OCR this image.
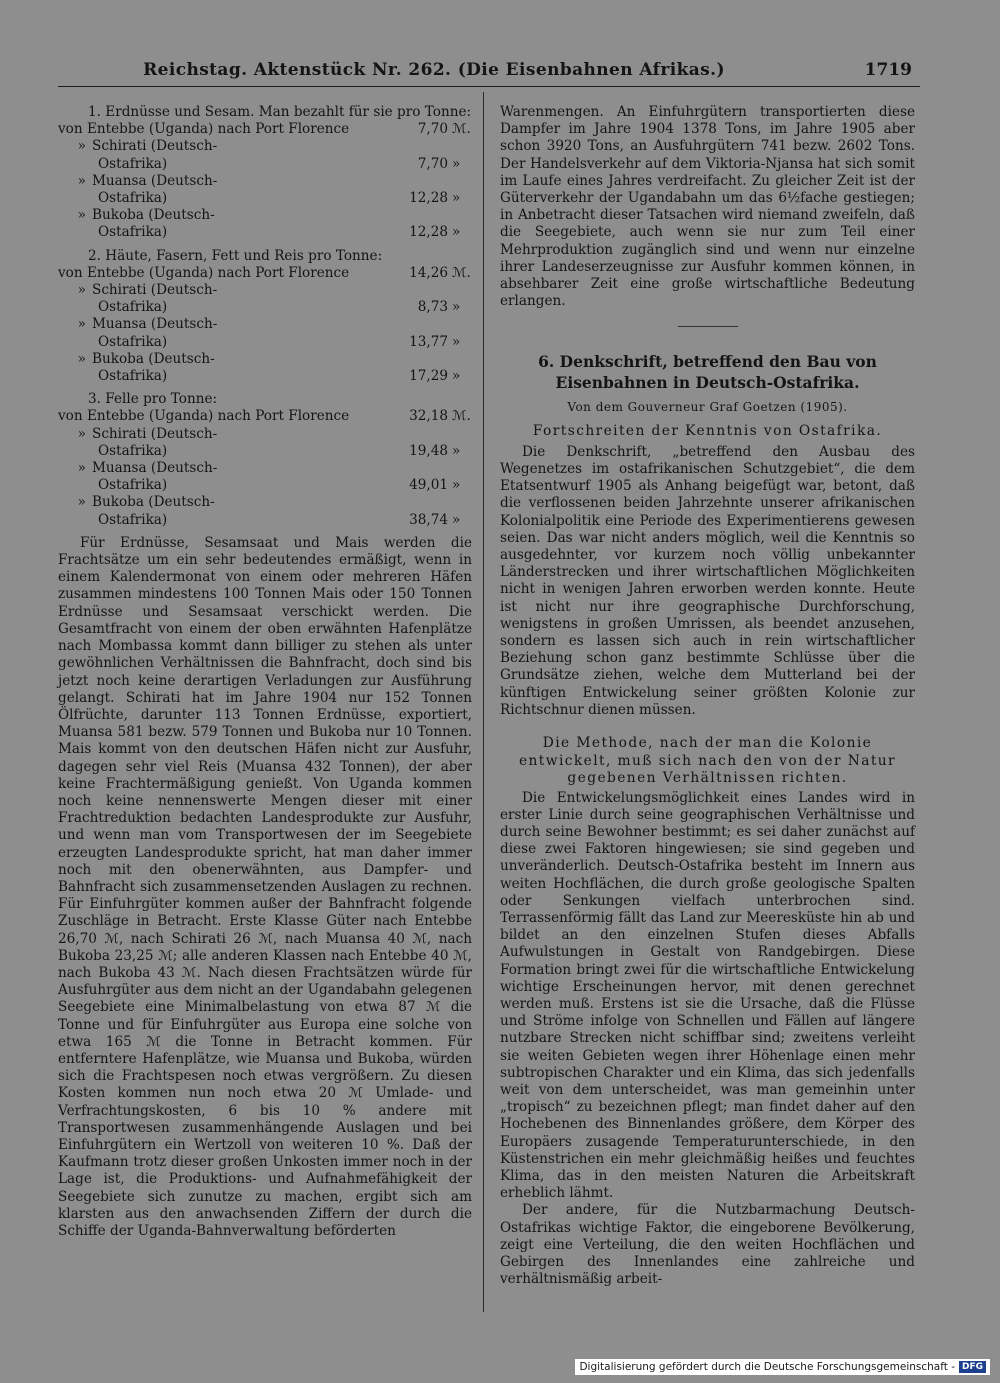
Reichstag. Aktenstück Nr. 262. (Die Eisenbahnen Afrikas.)	1719

1. Erdnüsse und Sesam. Man bezahlt für sie pro Tonne:

von Entebbe (Uganda) nach Port Florence	7,70 ℳ.
» Schirati (Deutsch-
Ostafrika)	7,70 »
» Muansa (Deutsch-
Ostafrika)	12,28 »
» Bukoba (Deutsch-
Ostafrika)	12,28 »

2. Häute, Fasern, Fett und Reis pro Tonne:

von Entebbe (Uganda) nach Port Florence	14,26 ℳ.
» Schirati (Deutsch-
Ostafrika)	8,73 »
» Muansa (Deutsch-
Ostafrika)	13,77 »
» Bukoba (Deutsch-
Ostafrika)	17,29 »

3. Felle pro Tonne:

von Entebbe (Uganda) nach Port Florence	32,18 ℳ.
» Schirati (Deutsch-
Ostafrika)	19,48 »
» Muansa (Deutsch-
Ostafrika)	49,01 »
» Bukoba (Deutsch-
Ostafrika)	38,74 »

Für Erdnüsse, Sesamsaat und Mais werden die Frachtsätze um ein sehr bedeutendes ermäßigt, wenn in einem Kalendermonat von einem oder mehreren Häfen zusammen mindestens 100 Tonnen Mais oder 150 Tonnen Erdnüsse und Sesamsaat verschickt werden. Die Gesamtfracht von einem der oben erwähnten Hafenplätze nach Mombassa kommt dann billiger zu stehen als unter gewöhnlichen Verhältnissen die Bahnfracht, doch sind bis jetzt noch keine derartigen Verladungen zur Ausführung gelangt. Schirati hat im Jahre 1904 nur 152 Tonnen Ölfrüchte, darunter 113 Tonnen Erdnüsse, exportiert, Muansa 581 bezw. 579 Tonnen und Bukoba nur 10 Tonnen. Mais kommt von den deutschen Häfen nicht zur Ausfuhr, dagegen sehr viel Reis (Muansa 432 Tonnen), der aber keine Frachtermäßigung genießt. Von Uganda kommen noch keine nennenswerte Mengen dieser mit einer Frachtreduktion bedachten Landesprodukte zur Ausfuhr, und wenn man vom Transportwesen der im Seegebiete erzeugten Landesprodukte spricht, hat man daher immer noch mit den obenerwähnten, aus Dampfer- und Bahnfracht sich zusammensetzenden Auslagen zu rechnen. Für Einfuhrgüter kommen außer der Bahnfracht folgende Zuschläge in Betracht. Erste Klasse Güter nach Entebbe 26,70 ℳ, nach Schirati 26 ℳ, nach Muansa 40 ℳ, nach Bukoba 23,25 ℳ; alle anderen Klassen nach Entebbe 40 ℳ, nach Bukoba 43 ℳ. Nach diesen Frachtsätzen würde für Ausfuhrgüter aus dem nicht an der Ugandabahn gelegenen Seegebiete eine Minimalbelastung von etwa 87 ℳ die Tonne und für Einfuhrgüter aus Europa eine solche von etwa 165 ℳ die Tonne in Betracht kommen. Für entferntere Hafenplätze, wie Muansa und Bukoba, würden sich die Frachtspesen noch etwas vergrößern. Zu diesen Kosten kommen nun noch etwa 20 ℳ Umlade- und Verfrachtungskosten, 6 bis 10 % andere mit Transportwesen zusammenhängende Auslagen und bei Einfuhrgütern ein Wertzoll von weiteren 10 %. Daß der Kaufmann trotz dieser großen Unkosten immer noch in der Lage ist, die Produktions- und Aufnahmefähigkeit der Seegebiete sich zunutze zu machen, ergibt sich am klarsten aus den anwachsenden Ziffern der durch die Schiffe der Uganda-Bahnverwaltung beförderten

Warenmengen. An Einfuhrgütern transportierten diese Dampfer im Jahre 1904 1378 Tons, im Jahre 1905 aber schon 3920 Tons, an Ausfuhrgütern 741 bezw. 2602 Tons. Der Handelsverkehr auf dem Viktoria-Njansa hat sich somit im Laufe eines Jahres verdreifacht. Zu gleicher Zeit ist der Güterverkehr der Ugandabahn um das 6½fache gestiegen; in Anbetracht dieser Tatsachen wird niemand zweifeln, daß die Seegebiete, auch wenn sie nur zum Teil einer Mehrproduktion zugänglich sind und wenn nur einzelne ihrer Landeserzeugnisse zur Ausfuhr kommen können, in absehbarer Zeit eine große wirtschaftliche Bedeutung erlangen.

6. Denkschrift, betreffend den Bau von Eisenbahnen in Deutsch-Ostafrika.
Von dem Gouverneur Graf Goetzen (1905).
Fortschreiten der Kenntnis von Ostafrika.

Die Denkschrift, „betreffend den Ausbau des Wegenetzes im ostafrikanischen Schutzgebiet“, die dem Etatsentwurf 1905 als Anhang beigefügt war, betont, daß die verflossenen beiden Jahrzehnte unserer afrikanischen Kolonialpolitik eine Periode des Experimentierens gewesen seien. Das war nicht anders möglich, weil die Kenntnis so ausgedehnter, vor kurzem noch völlig unbekannter Länderstrecken und ihrer wirtschaftlichen Möglichkeiten nicht in wenigen Jahren erworben werden konnte. Heute ist nicht nur ihre geographische Durchforschung, wenigstens in großen Umrissen, als beendet anzusehen, sondern es lassen sich auch in rein wirtschaftlicher Beziehung schon ganz bestimmte Schlüsse über die Grundsätze ziehen, welche dem Mutterland bei der künftigen Entwickelung seiner größten Kolonie zur Richtschnur dienen müssen.

Die Methode, nach der man die Kolonie entwickelt, muß sich nach den von der Natur gegebenen Verhältnissen richten.

Die Entwickelungsmöglichkeit eines Landes wird in erster Linie durch seine geographischen Verhältnisse und durch seine Bewohner bestimmt; es sei daher zunächst auf diese zwei Faktoren hingewiesen; sie sind gegeben und unveränderlich. Deutsch-Ostafrika besteht im Innern aus weiten Hochflächen, die durch große geologische Spalten oder Senkungen vielfach unterbrochen sind. Terrassenförmig fällt das Land zur Meeresküste hin ab und bildet an den einzelnen Stufen dieses Abfalls Aufwulstungen in Gestalt von Randgebirgen. Diese Formation bringt zwei für die wirtschaftliche Entwickelung wichtige Erscheinungen hervor, mit denen gerechnet werden muß. Erstens ist sie die Ursache, daß die Flüsse und Ströme infolge von Schnellen und Fällen auf längere nutzbare Strecken nicht schiffbar sind; zweitens verleiht sie weiten Gebieten wegen ihrer Höhenlage einen mehr subtropischen Charakter und ein Klima, das sich jedenfalls weit von dem unterscheidet, was man gemeinhin unter „tropisch“ zu bezeichnen pflegt; man findet daher auf den Hochebenen des Binnenlandes größere, dem Körper des Europäers zusagende Temperaturunterschiede, in den Küstenstrichen ein mehr gleichmäßig heißes und feuchtes Klima, das in den meisten Naturen die Arbeitskraft erheblich lähmt.

Der andere, für die Nutzbarmachung Deutsch-Ostafrikas wichtige Faktor, die eingeborene Bevölkerung, zeigt eine Verteilung, die den weiten Hochflächen und Gebirgen des Innenlandes eine zahlreiche und verhältnismäßig arbeit-

Digitalisierung gefördert durch die Deutsche Forschungsgemeinschaft - DFG
